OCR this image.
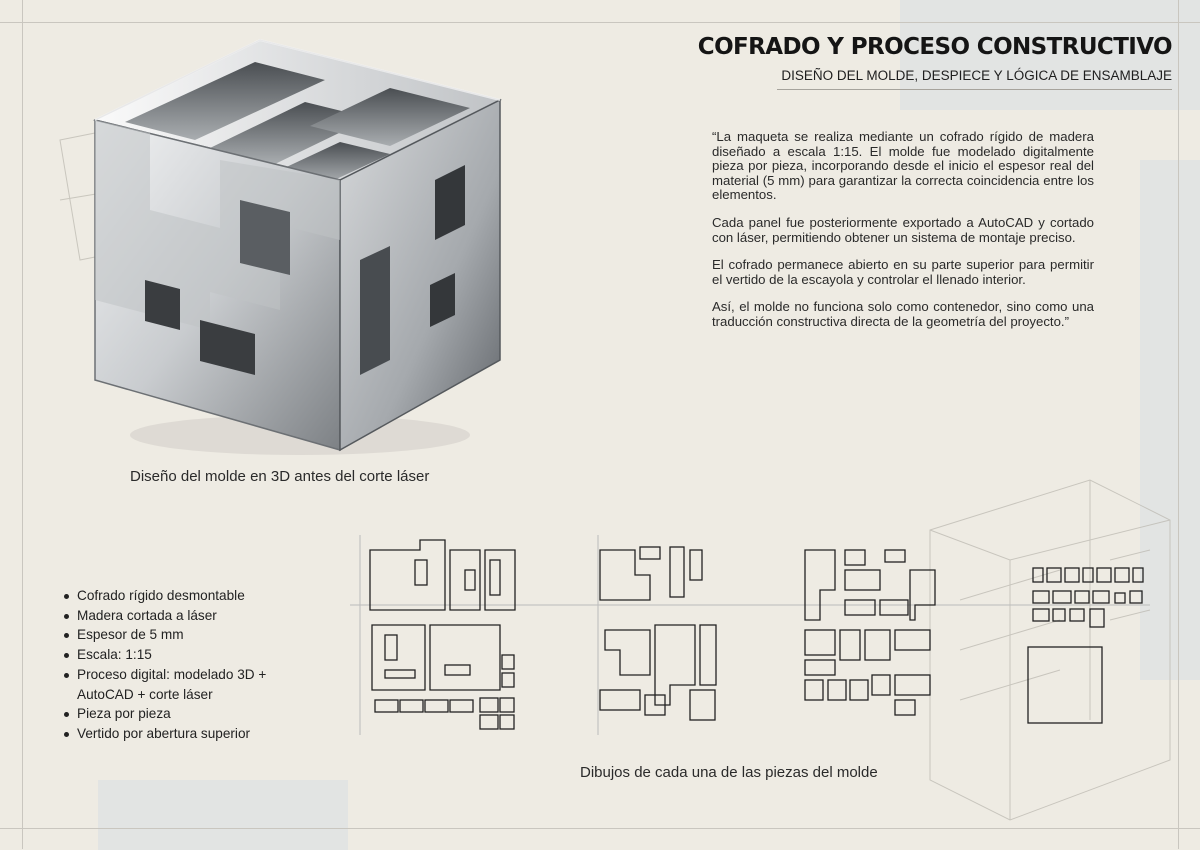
COFRADO Y PROCESO CONSTRUCTIVO
DISEÑO DEL MOLDE, DESPIECE Y LÓGICA DE ENSAMBLAJE

“La maqueta se realiza mediante un cofrado rígido de madera diseñado a escala 1:15. El molde fue modelado digitalmente pieza por pieza, incorporando desde el inicio el espesor real del material (5 mm) para garantizar la correcta coincidencia entre los elementos.

Cada panel fue posteriormente exportado a AutoCAD y cortado con láser, permitiendo obtener un sistema de montaje preciso.

El cofrado permanece abierto en su parte superior para permitir el vertido de la escayola y controlar el llenado interior.

Así, el molde no funciona solo como contenedor, sino como una traducción constructiva directa de la geometría del proyecto.”

Diseño del molde en 3D antes del corte láser
Cofrado rígido desmontable
Madera cortada a láser
Espesor de 5 mm
Escala: 1:15
Proceso digital: modelado 3D + AutoCAD + corte láser
Pieza por pieza
Vertido por abertura superior
Dibujos de cada una de las piezas del molde
